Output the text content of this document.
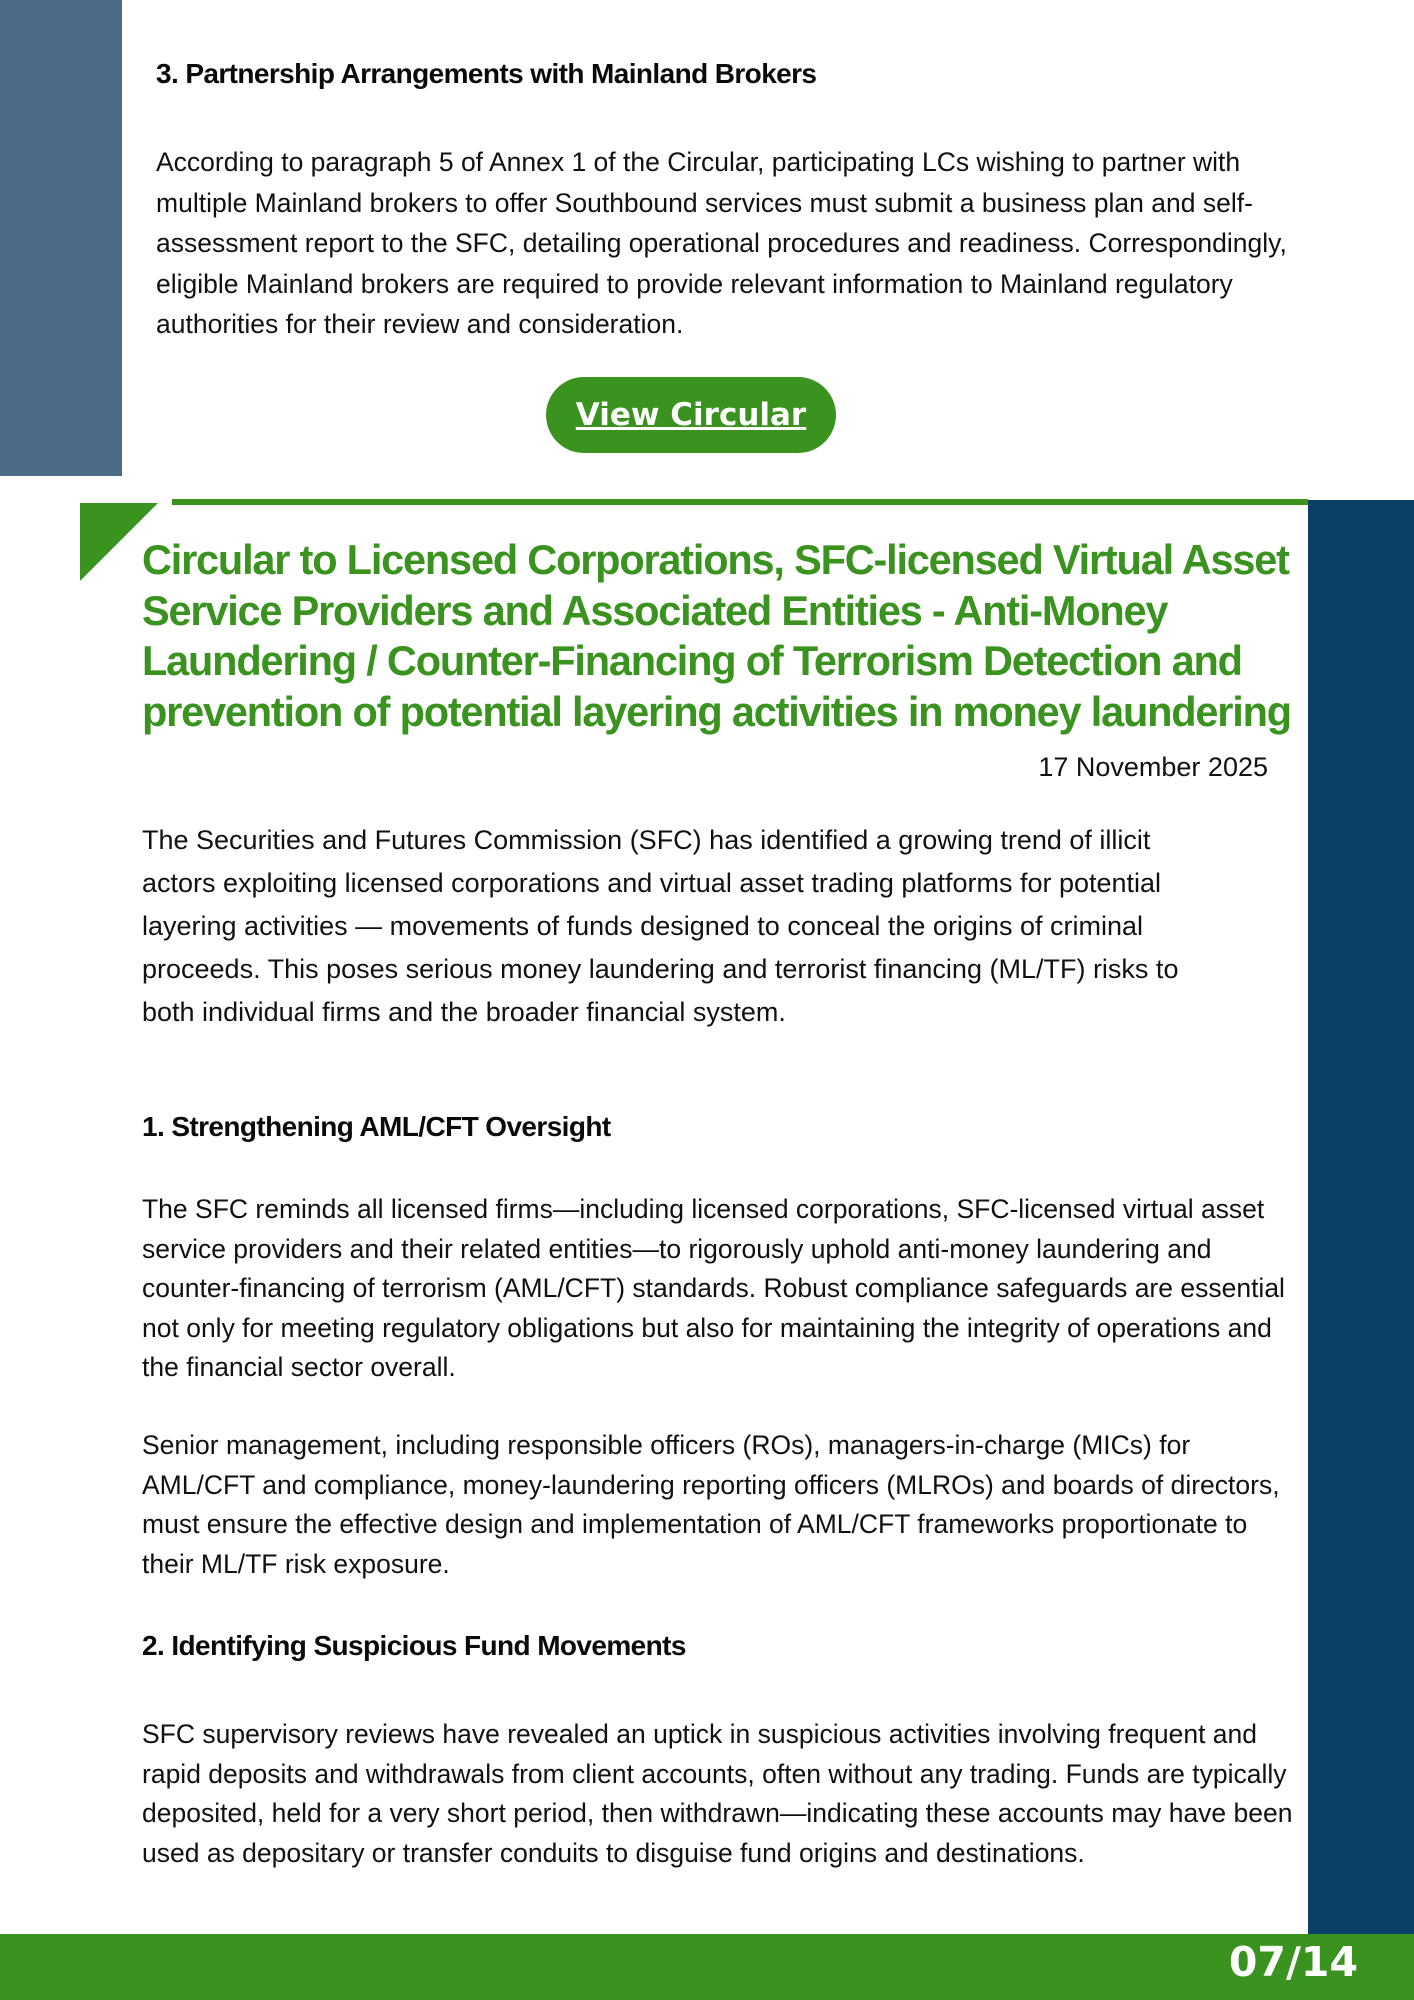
3. Partnership Arrangements with Mainland Brokers

According to paragraph 5 of Annex 1 of the Circular, participating LCs wishing to partner with multiple Mainland brokers to offer Southbound services must submit a business plan and self-assessment report to the SFC, detailing operational procedures and readiness. Correspondingly, eligible Mainland brokers are required to provide relevant information to Mainland regulatory authorities for their review and consideration.

View Circular
Circular to Licensed Corporations, SFC-licensed Virtual Asset Service Providers and Associated Entities - Anti-Money Laundering / Counter-Financing of Terrorism Detection and prevention of potential layering activities in money laundering
17 November 2025

The Securities and Futures Commission (SFC) has identified a growing trend of illicit actors exploiting licensed corporations and virtual asset trading platforms for potential layering activities — movements of funds designed to conceal the origins of criminal proceeds. This poses serious money laundering and terrorist financing (ML/TF) risks to both individual firms and the broader financial system.

1. Strengthening AML/CFT Oversight

The SFC reminds all licensed firms—including licensed corporations, SFC-licensed virtual asset service providers and their related entities—to rigorously uphold anti-money laundering and counter-financing of terrorism (AML/CFT) standards. Robust compliance safeguards are essential not only for meeting regulatory obligations but also for maintaining the integrity of operations and the financial sector overall.

Senior management, including responsible officers (ROs), managers-in-charge (MICs) for AML/CFT and compliance, money-laundering reporting officers (MLROs) and boards of directors, must ensure the effective design and implementation of AML/CFT frameworks proportionate to their ML/TF risk exposure.

2. Identifying Suspicious Fund Movements

SFC supervisory reviews have revealed an uptick in suspicious activities involving frequent and rapid deposits and withdrawals from client accounts, often without any trading. Funds are typically deposited, held for a very short period, then withdrawn—indicating these accounts may have been used as depositary or transfer conduits to disguise fund origins and destinations.

07/14
